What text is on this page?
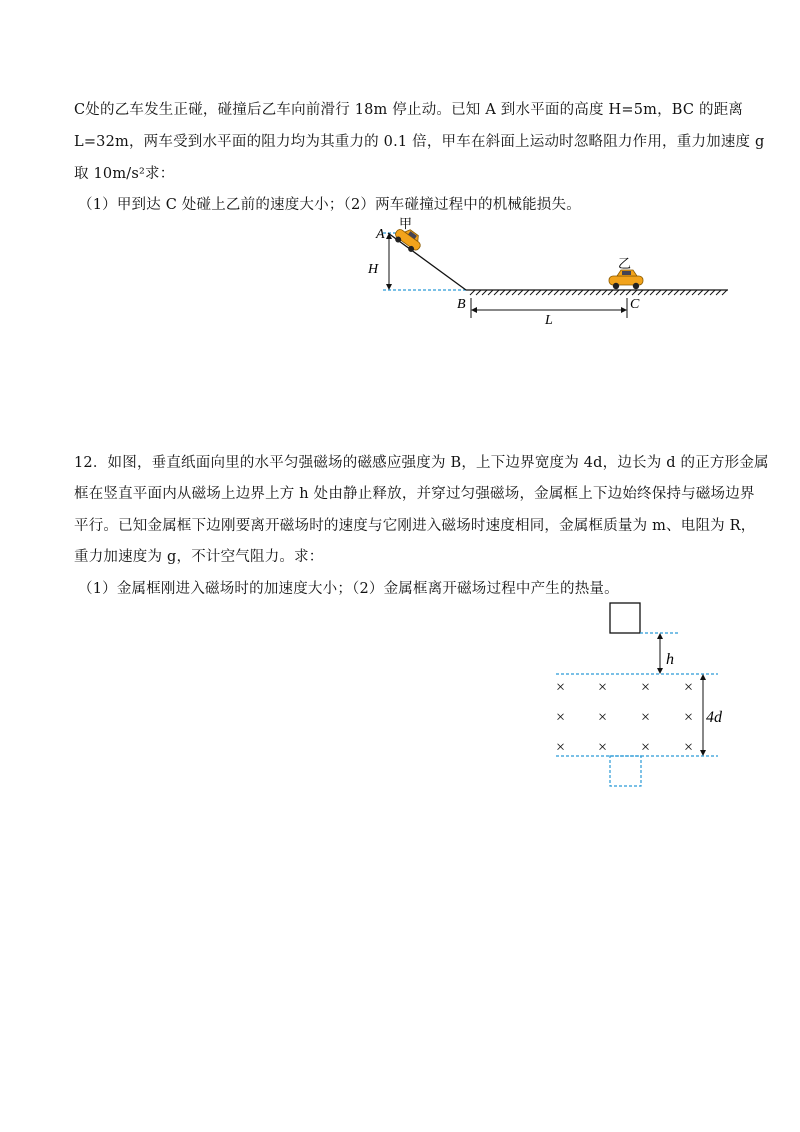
C处的乙车发生正碰，碰撞后乙车向前滑行 18m 停止动。已知 A 到水平面的高度 H=5m，BC 的距离
L=32m，两车受到水平面的阻力均为其重力的 0.1 倍，甲车在斜面上运动时忽略阻力作用，重力加速度 g
取 10m/s²求：
（1）甲到达 C 处碰上乙前的速度大小；（2）两车碰撞过程中的机械能损失。
A
H
B	C
L
甲
乙
12．如图，垂直纸面向里的水平匀强磁场的磁感应强度为 B，上下边界宽度为 4d，边长为 d 的正方形金属
框在竖直平面内从磁场上边界上方 h 处由静止释放，并穿过匀强磁场，金属框上下边始终保持与磁场边界
平行。已知金属框下边刚要离开磁场时的速度与它刚进入磁场时速度相同，金属框质量为 m、电阻为 R，
重力加速度为 g，不计空气阻力。求：
（1）金属框刚进入磁场时的加速度大小；（2）金属框离开磁场过程中产生的热量。
h
4d
× × × ×
× × × ×
× × × ×
